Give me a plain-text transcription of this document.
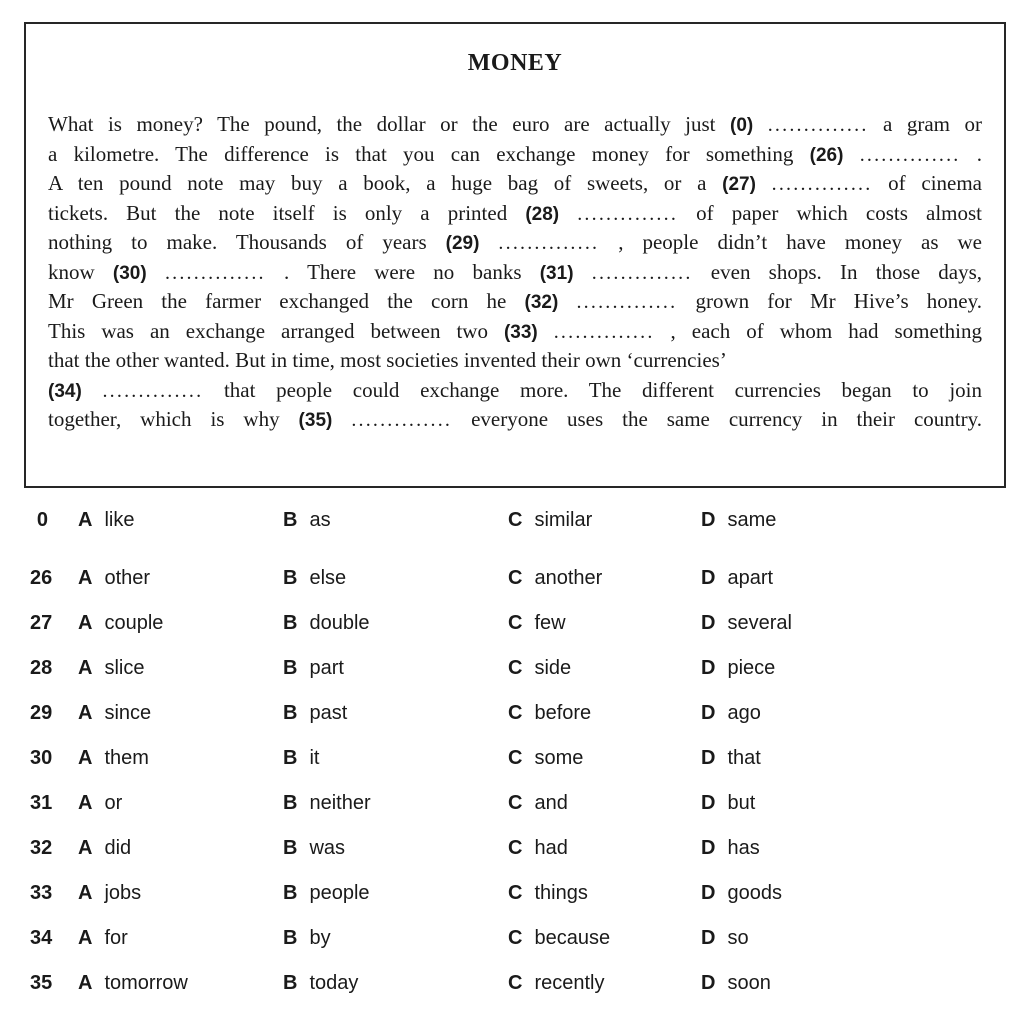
MONEY
What is money? The pound, the dollar or the euro are actually just (0) .............. a gram or
a kilometre. The difference is that you can exchange money for something (26) .............. .
A ten pound note may buy a book, a huge bag of sweets, or a (27) .............. of cinema
tickets. But the note itself is only a printed (28) .............. of paper which costs almost
nothing to make. Thousands of years (29) .............. , people didn’t have money as we
know (30) .............. . There were no banks (31) .............. even shops. In those days,
Mr Green the farmer exchanged the corn he (32) .............. grown for Mr Hive’s honey.
This was an exchange arranged between two (33) .............. , each of whom had something
that the other wanted. But in time, most societies invented their own ‘currencies’
(34) .............. that people could exchange more. The different currencies began to join
together, which is why (35) .............. everyone uses the same currency in their country.
0	A like	B as	C similar	D same
26	A other	B else	C another	D apart
27	A couple	B double	C few	D several
28	A slice	B part	C side	D piece
29	A since	B past	C before	D ago
30	A them	B it	C some	D that
31	A or	B neither	C and	D but
32	A did	B was	C had	D has
33	A jobs	B people	C things	D goods
34	A for	B by	C because	D so
35	A tomorrow	B today	C recently	D soon
